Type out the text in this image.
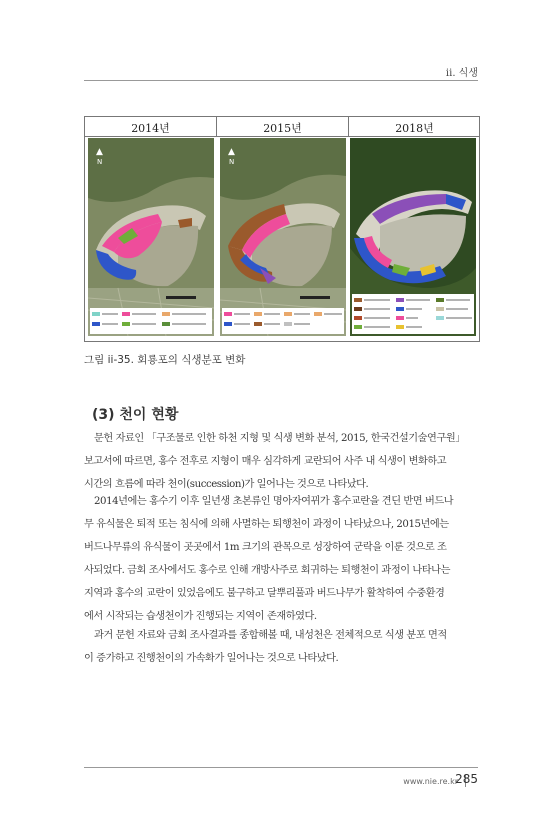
ii. 식생
2014년	2015년	2018년
▲
N
▲
N
그림 ii-35. 회룡포의 식생분포 변화
(3) 천이 현황
문헌 자료인 「구조물로 인한 하천 지형 및 식생 변화 분석, 2015, 한국건설기술연구원」
보고서에 따르면, 홍수 전후로 지형이 매우 심각하게 교란되어 사주 내 식생이 변화하고
시간의 흐름에 따라 천이(succession)가 일어나는 것으로 나타났다.
2014년에는 홍수기 이후 일년생 초본류인 명아자여뀌가 홍수교란을 견딘 반면 버드나
무 유식물은 퇴적 또는 침식에 의해 사멸하는 퇴행천이 과정이 나타났으나, 2015년에는
버드나무류의 유식물이 곳곳에서 1m 크기의 관목으로 성장하여 군락을 이룬 것으로 조
사되었다. 금회 조사에서도 홍수로 인해 개방사주로 회귀하는 퇴행천이 과정이 나타나는
지역과 홍수의 교란이 있었음에도 불구하고 달뿌리풀과 버드나무가 활착하여 수중환경
에서 시작되는 습생천이가 진행되는 지역이 존재하였다.
과거 문헌 자료와 금회 조사결과를 종합해볼 때, 내성천은 전체적으로 식생 분포 면적
이 증가하고 진행천이의 가속화가 일어나는 것으로 나타났다.
www.nie.re.kr
285
